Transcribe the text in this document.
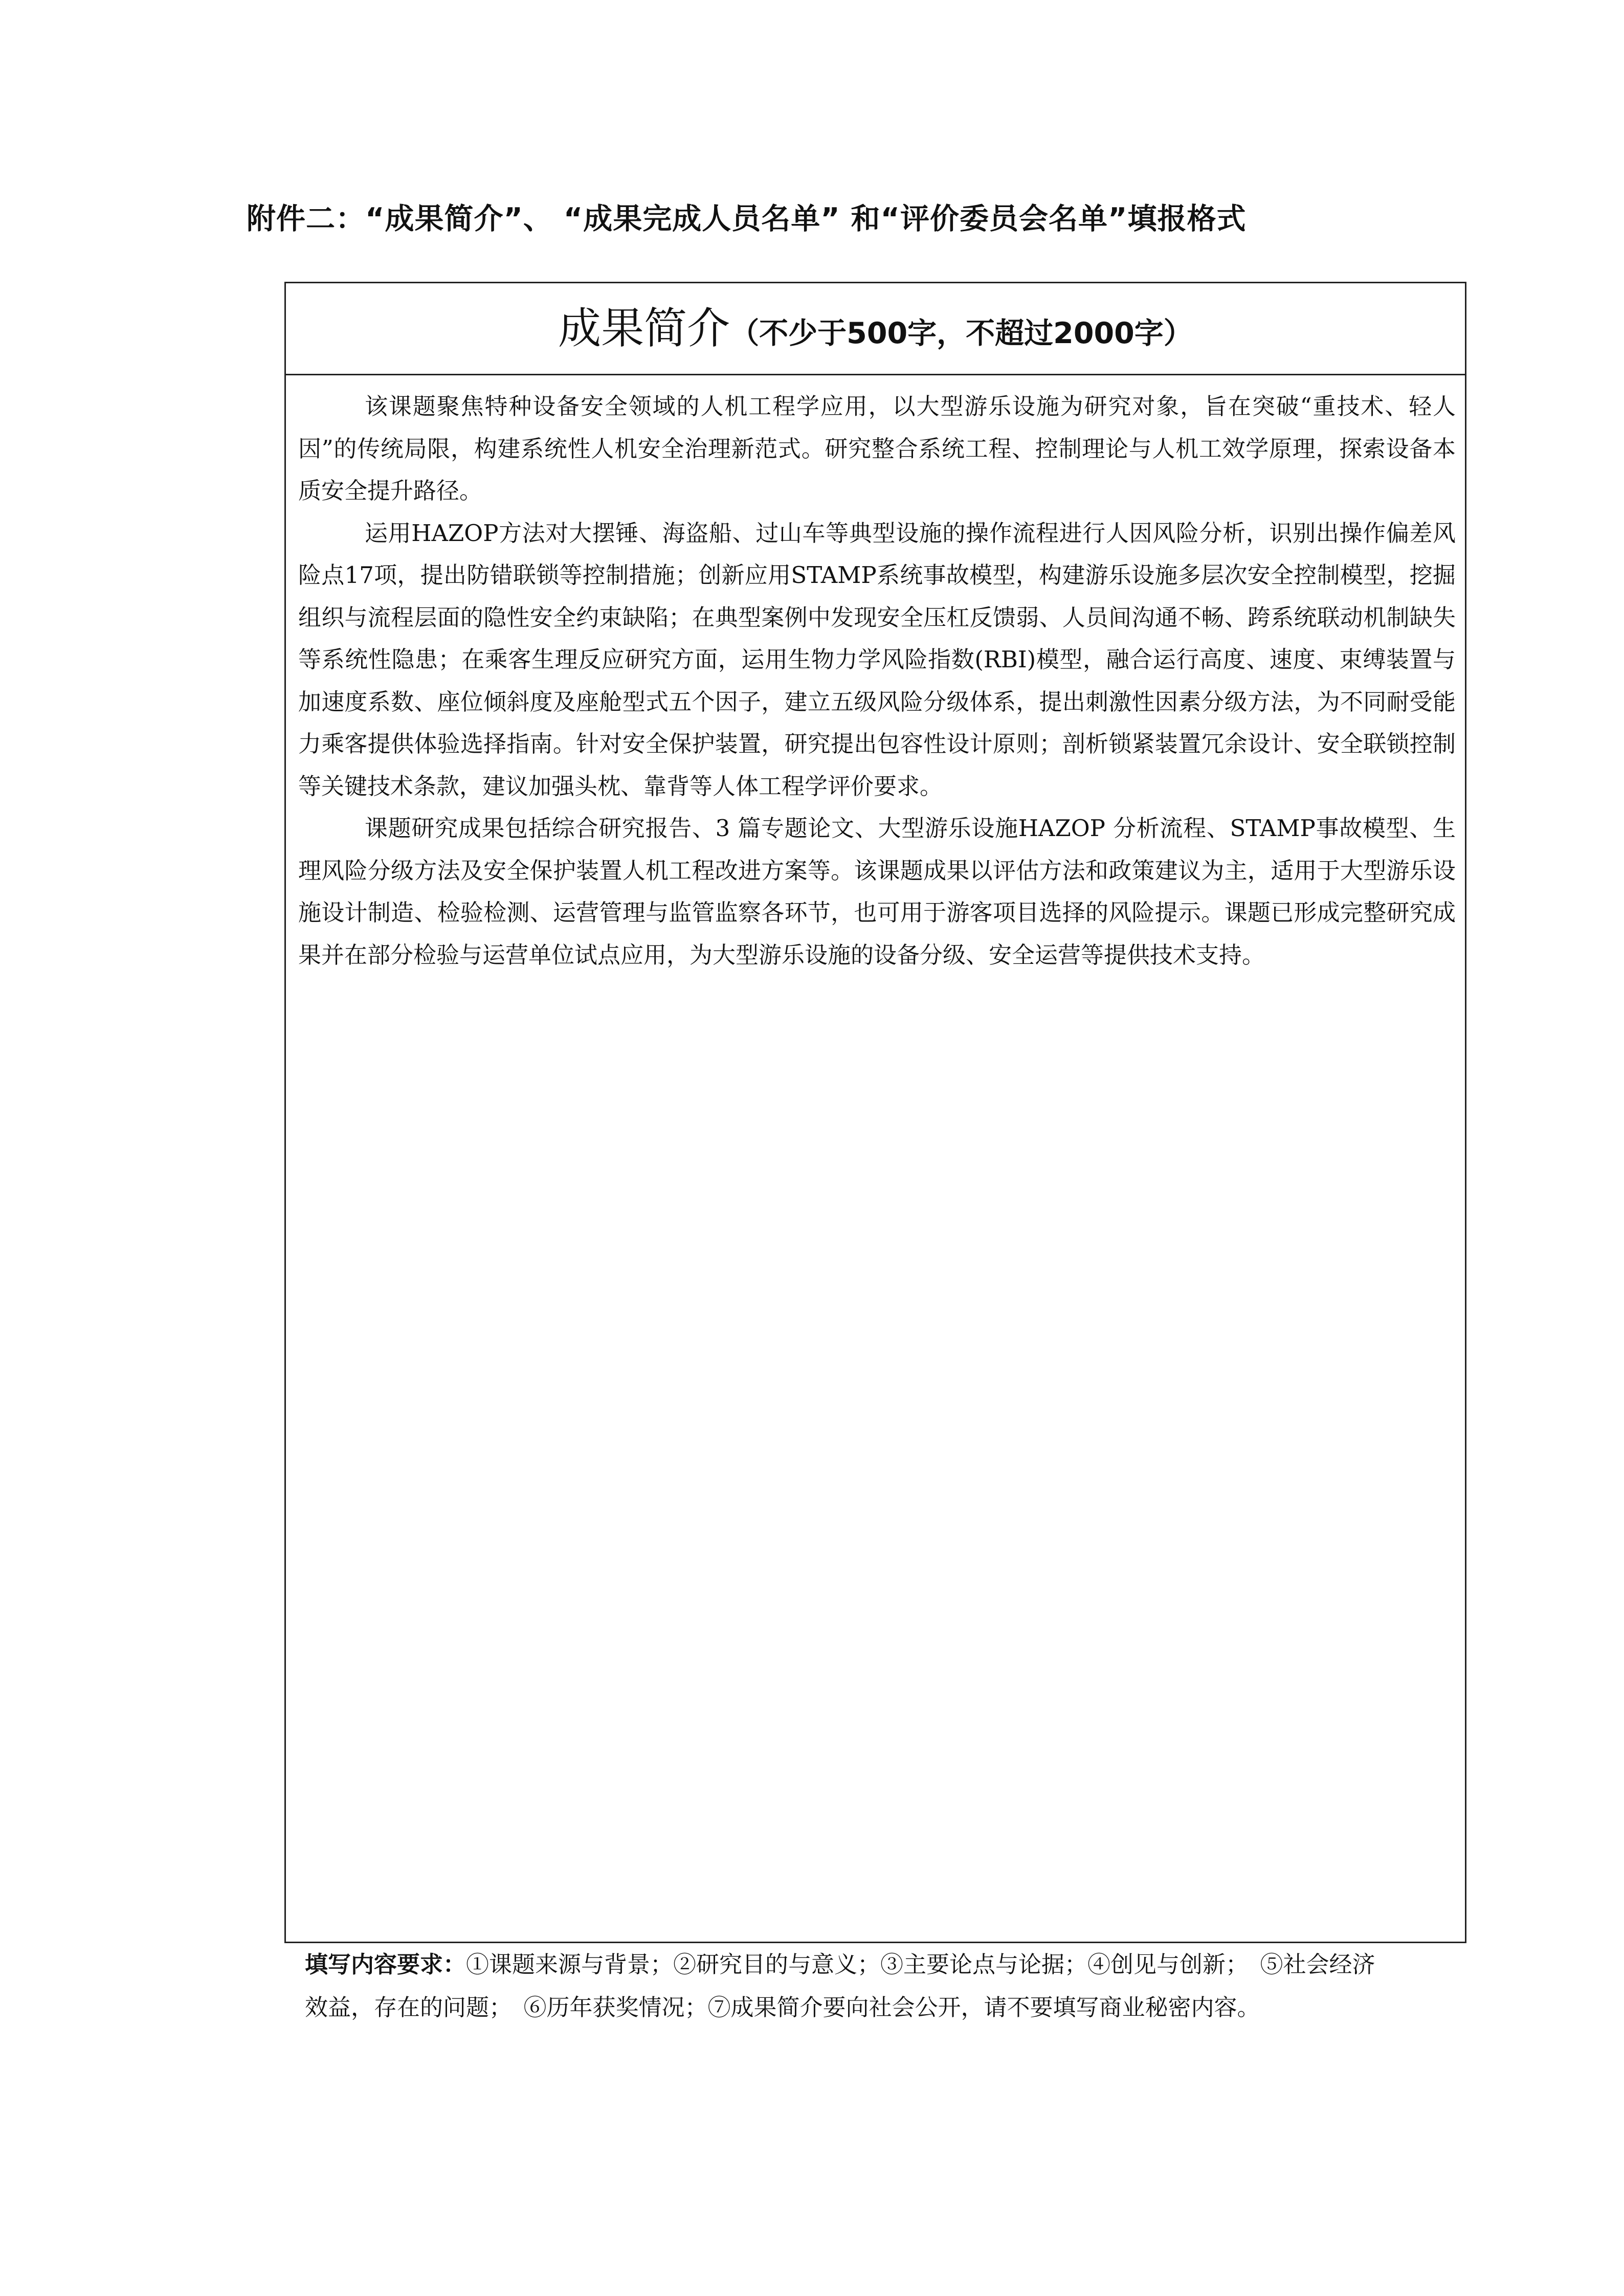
附件二：“成果简介”、 “成果完成人员名单” 和“评价委员会名单”填报格式
成果简介（不少于500字，不超过2000字）

该课题聚焦特种设备安全领域的人机工程学应用，以大型游乐设施为研究对象，旨在突破“重技术、轻人因”的传统局限，构建系统性人机安全治理新范式。研究整合系统工程、控制理论与人机工效学原理，探索设备本质安全提升路径。

运用HAZOP方法对大摆锤、海盗船、过山车等典型设施的操作流程进行人因风险分析，识别出操作偏差风险点17项，提出防错联锁等控制措施；创新应用STAMP系统事故模型，构建游乐设施多层次安全控制模型，挖掘组织与流程层面的隐性安全约束缺陷；在典型案例中发现安全压杠反馈弱、人员间沟通不畅、跨系统联动机制缺失等系统性隐患；在乘客生理反应研究方面，运用生物力学风险指数(RBI)模型，融合运行高度、速度、束缚装置与加速度系数、座位倾斜度及座舱型式五个因子，建立五级风险分级体系，提出刺激性因素分级方法，为不同耐受能力乘客提供体验选择指南。针对安全保护装置，研究提出包容性设计原则；剖析锁紧装置冗余设计、安全联锁控制等关键技术条款，建议加强头枕、靠背等人体工程学评价要求。

课题研究成果包括综合研究报告、3 篇专题论文、大型游乐设施HAZOP 分析流程、STAMP事故模型、生理风险分级方法及安全保护装置人机工程改进方案等。该课题成果以评估方法和政策建议为主，适用于大型游乐设施设计制造、检验检测、运营管理与监管监察各环节，也可用于游客项目选择的风险提示。课题已形成完整研究成果并在部分检验与运营单位试点应用，为大型游乐设施的设备分级、安全运营等提供技术支持。

填写内容要求：①课题来源与背景；②研究目的与意义；③主要论点与论据；④创见与创新；　⑤社会经济效益，存在的问题；　⑥历年获奖情况；⑦成果简介要向社会公开，请不要填写商业秘密内容。
